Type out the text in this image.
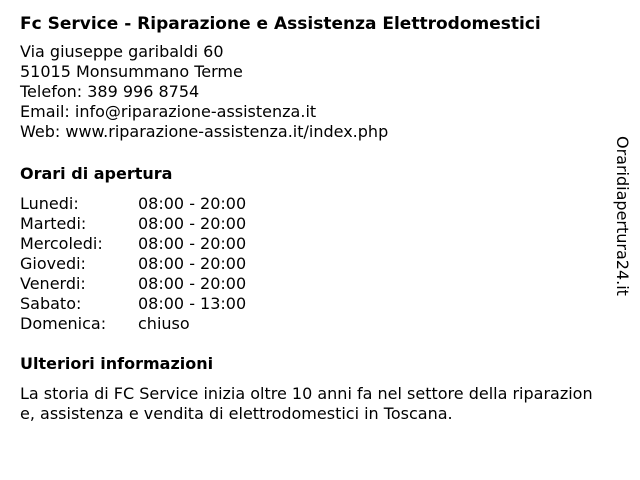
Fc Service - Riparazione e Assistenza Elettrodomestici
Via giuseppe garibaldi 60
51015 Monsummano Terme
Telefon: 389 996 8754
Email: info@riparazione-assistenza.it
Web: www.riparazione-assistenza.it/index.php
Orari di apertura
Lunedi:	08:00 - 20:00
Martedi:	08:00 - 20:00
Mercoledi:	08:00 - 20:00
Giovedi:	08:00 - 20:00
Venerdi:	08:00 - 20:00
Sabato:	08:00 - 13:00
Domenica:	chiuso
Ulteriori informazioni

La storia di FC Service inizia oltre 10 anni fa nel settore della riparazione, assistenza e vendita di elettrodomestici in Toscana.

Oraridiapertura24.it
